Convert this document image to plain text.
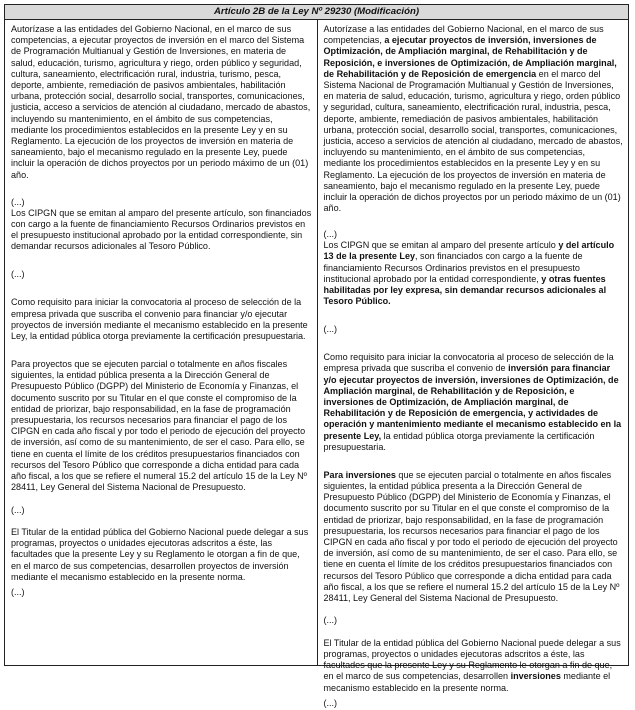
Artículo 2B de la Ley Nº 29230 (Modificación)

Autorízase a las entidades del Gobierno Nacional, en el marco de sus competencias, a ejecutar proyectos de inversión en el marco del Sistema de Programación Multianual y Gestión de Inversiones, en materia de salud, educación, turismo, agricultura y riego, orden público y seguridad, cultura, saneamiento, electrificación rural, industria, turismo, pesca, deporte, ambiente, remediación de pasivos ambientales, habilitación urbana, protección social, desarrollo social, transportes, comunicaciones, justicia, acceso a servicios de atención al ciudadano, mercado de abastos, incluyendo su mantenimiento, en el ámbito de sus competencias, mediante los procedimientos establecidos en la presente Ley y en su Reglamento. La ejecución de los proyectos de inversión en materia de saneamiento, bajo el mecanismo regulado en la presente Ley, puede incluir la operación de dichos proyectos por un periodo máximo de un (01) año.

(...)

Los CIPGN que se emitan al amparo del presente artículo, son financiados con cargo a la fuente de financiamiento Recursos Ordinarios previstos en el presupuesto institucional aprobado por la entidad correspondiente, sin demandar recursos adicionales al Tesoro Público.

(...)

Como requisito para iniciar la convocatoria al proceso de selección de la empresa privada que suscriba el convenio para financiar y/o ejecutar proyectos de inversión mediante el mecanismo establecido en la presente Ley, la entidad pública otorga previamente la certificación presupuestaria.

Para proyectos que se ejecuten parcial o totalmente en años fiscales siguientes, la entidad pública presenta a la Dirección General de Presupuesto Público (DGPP) del Ministerio de Economía y Finanzas, el documento suscrito por su Titular en el que conste el compromiso de la entidad de priorizar, bajo responsabilidad, en la fase de programación presupuestaria, los recursos necesarios para financiar el pago de los CIPGN en cada año fiscal y por todo el periodo de ejecución del proyecto de inversión, así como de su mantenimiento, de ser el caso. Para ello, se tiene en cuenta el límite de los créditos presupuestarios financiados con recursos del Tesoro Público que corresponde a dicha entidad para cada año fiscal, a los que se refiere el numeral 15.2 del artículo 15 de la Ley Nº 28411, Ley General del Sistema Nacional de Presupuesto.

(...)

El Titular de la entidad pública del Gobierno Nacional puede delegar a sus programas, proyectos o unidades ejecutoras adscritos a éste, las facultades que la presente Ley y su Reglamento le otorgan a fin de que, en el marco de sus competencias, desarrollen proyectos de inversión mediante el mecanismo establecido en la presente norma.

(...)

Autorízase a las entidades del Gobierno Nacional, en el marco de sus competencias, a ejecutar proyectos de inversión, inversiones de Optimización, de Ampliación marginal, de Rehabilitación y de Reposición, e inversiones de Optimización, de Ampliación marginal, de Rehabilitación y de Reposición de emergencia en el marco del Sistema Nacional de Programación Multianual y Gestión de Inversiones, en materia de salud, educación, turismo, agricultura y riego, orden público y seguridad, cultura, saneamiento, electrificación rural, industria, pesca, deporte, ambiente, remediación de pasivos ambientales, habilitación urbana, protección social, desarrollo social, transportes, comunicaciones, justicia, acceso a servicios de atención al ciudadano, mercado de abastos, incluyendo su mantenimiento, en el ámbito de sus competencias, mediante los procedimientos establecidos en la presente Ley y en su Reglamento. La ejecución de los proyectos de inversión en materia de saneamiento, bajo el mecanismo regulado en la presente Ley, puede incluir la operación de dichos proyectos por un periodo máximo de un (01) año.

(...)

Los CIPGN que se emitan al amparo del presente artículo y del artículo 13 de la presente Ley, son financiados con cargo a la fuente de financiamiento Recursos Ordinarios previstos en el presupuesto institucional aprobado por la entidad correspondiente, y otras fuentes habilitadas por ley expresa, sin demandar recursos adicionales al Tesoro Público.

(...)

Como requisito para iniciar la convocatoria al proceso de selección de la empresa privada que suscriba el convenio de inversión para financiar y/o ejecutar proyectos de inversión, inversiones de Optimización, de Ampliación marginal, de Rehabilitación y de Reposición, e inversiones de Optimización, de Ampliación marginal, de Rehabilitación y de Reposición de emergencia, y actividades de operación y mantenimiento mediante el mecanismo establecido en la presente Ley, la entidad pública otorga previamente la certificación presupuestaria.

Para inversiones que se ejecuten parcial o totalmente en años fiscales siguientes, la entidad pública presenta a la Dirección General de Presupuesto Público (DGPP) del Ministerio de Economía y Finanzas, el documento suscrito por su Titular en el que conste el compromiso de la entidad de priorizar, bajo responsabilidad, en la fase de programación presupuestaria, los recursos necesarios para financiar el pago de los CIPGN en cada año fiscal y por todo el periodo de ejecución del proyecto de inversión, así como de su mantenimiento, de ser el caso. Para ello, se tiene en cuenta el límite de los créditos presupuestarios financiados con recursos del Tesoro Público que corresponde a dicha entidad para cada año fiscal, a los que se refiere el numeral 15.2 del artículo 15 de la Ley Nº 28411, Ley General del Sistema Nacional de Presupuesto.

(...)

El Titular de la entidad pública del Gobierno Nacional puede delegar a sus programas, proyectos o unidades ejecutoras adscritos a éste, las facultades que la presente Ley y su Reglamento le otorgan a fin de que, en el marco de sus competencias, desarrollen inversiones mediante el mecanismo establecido en la presente norma.

(...)
